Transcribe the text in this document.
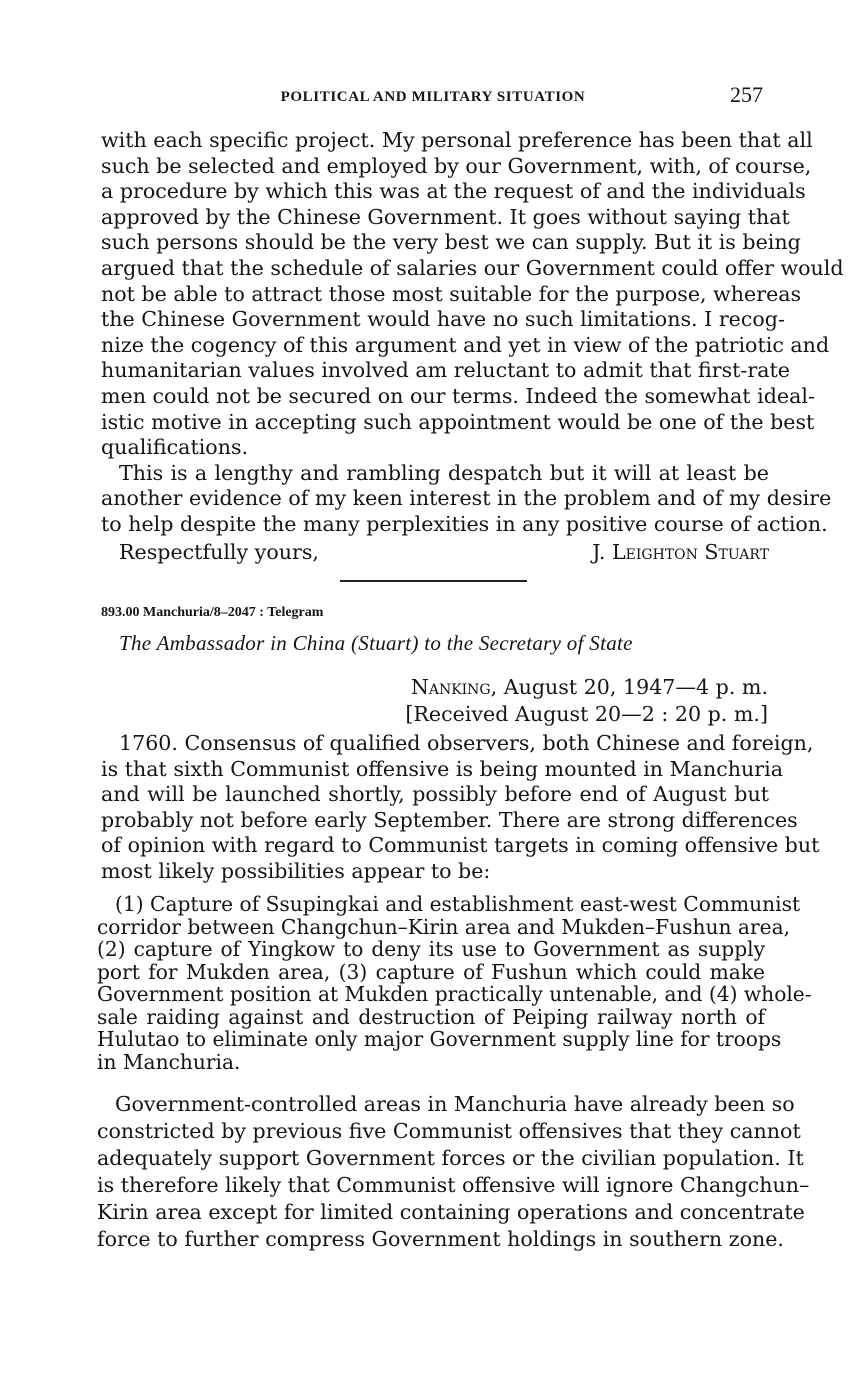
POLITICAL AND MILITARY SITUATION	257
with each specific project. My personal preference has been that all
such be selected and employed by our Government, with, of course,
a procedure by which this was at the request of and the individuals
approved by the Chinese Government. It goes without saying that
such persons should be the very best we can supply. But it is being
argued that the schedule of salaries our Government could offer would
not be able to attract those most suitable for the purpose, whereas
the Chinese Government would have no such limitations. I recog-
nize the cogency of this argument and yet in view of the patriotic and
humanitarian values involved am reluctant to admit that first-rate
men could not be secured on our terms. Indeed the somewhat ideal-
istic motive in accepting such appointment would be one of the best
qualifications.
This is a lengthy and rambling despatch but it will at least be
another evidence of my keen interest in the problem and of my desire
to help despite the many perplexities in any positive course of action.
Respectfully yours,	J. Leighton Stuart
893.00 Manchuria/8–2047 : Telegram
The Ambassador in China (Stuart) to the Secretary of State
Nanking, August 20, 1947—4 p. m.
[Received August 20—2 : 20 p. m.]
1760. Consensus of qualified observers, both Chinese and foreign,
is that sixth Communist offensive is being mounted in Manchuria
and will be launched shortly, possibly before end of August but
probably not before early September. There are strong differences
of opinion with regard to Communist targets in coming offensive but
most likely possibilities appear to be:
(1) Capture of Ssupingkai and establishment east-west Communist
corridor between Changchun–Kirin area and Mukden–Fushun area,
(2) capture of Yingkow to deny its use to Government as supply
port for Mukden area, (3) capture of Fushun which could make
Government position at Mukden practically untenable, and (4) whole-
sale raiding against and destruction of Peiping railway north of
Hulutao to eliminate only major Government supply line for troops
in Manchuria.
Government-controlled areas in Manchuria have already been so
constricted by previous five Communist offensives that they cannot
adequately support Government forces or the civilian population. It
is therefore likely that Communist offensive will ignore Changchun–
Kirin area except for limited containing operations and concentrate
force to further compress Government holdings in southern zone.
